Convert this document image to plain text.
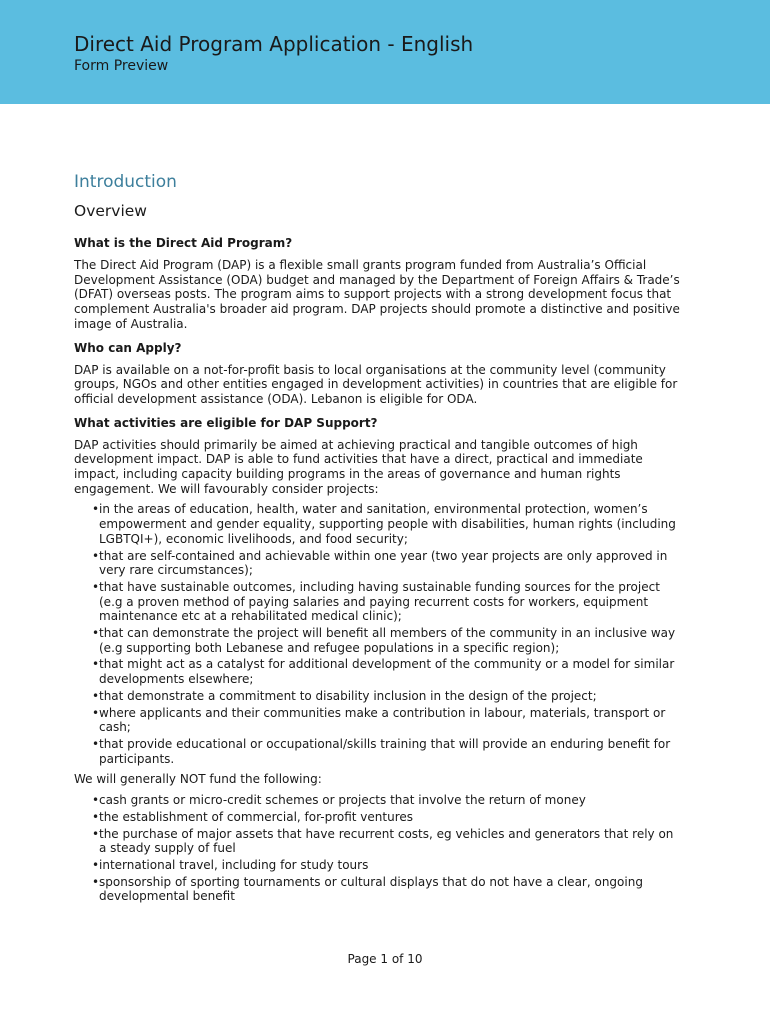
Direct Aid Program Application - English
Form Preview
Introduction
Overview
What is the Direct Aid Program?

The Direct Aid Program (DAP) is a flexible small grants program funded from Australia’s Official Development Assistance (ODA) budget and managed by the Department of Foreign Affairs & Trade’s (DFAT) overseas posts. The program aims to support projects with a strong development focus that complement Australia's broader aid program. DAP projects should promote a distinctive and positive image of Australia.

Who can Apply?

DAP is available on a not-for-profit basis to local organisations at the community level (community groups, NGOs and other entities engaged in development activities) in countries that are eligible for official development assistance (ODA). Lebanon is eligible for ODA.

What activities are eligible for DAP Support?

DAP activities should primarily be aimed at achieving practical and tangible outcomes of high development impact. DAP is able to fund activities that have a direct, practical and immediate impact, including capacity building programs in the areas of governance and human rights engagement. We will favourably consider projects:

• in the areas of education, health, water and sanitation, environmental protection, women’s empowerment and gender equality, supporting people with disabilities, human rights (including LGBTQI+), economic livelihoods, and food security;
• that are self-contained and achievable within one year (two year projects are only approved in very rare circumstances);
• that have sustainable outcomes, including having sustainable funding sources for the project (e.g a proven method of paying salaries and paying recurrent costs for workers, equipment maintenance etc at a rehabilitated medical clinic);
• that can demonstrate the project will benefit all members of the community in an inclusive way (e.g supporting both Lebanese and refugee populations in a specific region);
• that might act as a catalyst for additional development of the community or a model for similar developments elsewhere;
• that demonstrate a commitment to disability inclusion in the design of the project;
• where applicants and their communities make a contribution in labour, materials, transport or cash;
• that provide educational or occupational/skills training that will provide an enduring benefit for participants.

We will generally NOT fund the following:

• cash grants or micro-credit schemes or projects that involve the return of money
• the establishment of commercial, for-profit ventures
• the purchase of major assets that have recurrent costs, eg vehicles and generators that rely on a steady supply of fuel
• international travel, including for study tours
• sponsorship of sporting tournaments or cultural displays that do not have a clear, ongoing developmental benefit
Page 1 of 10
